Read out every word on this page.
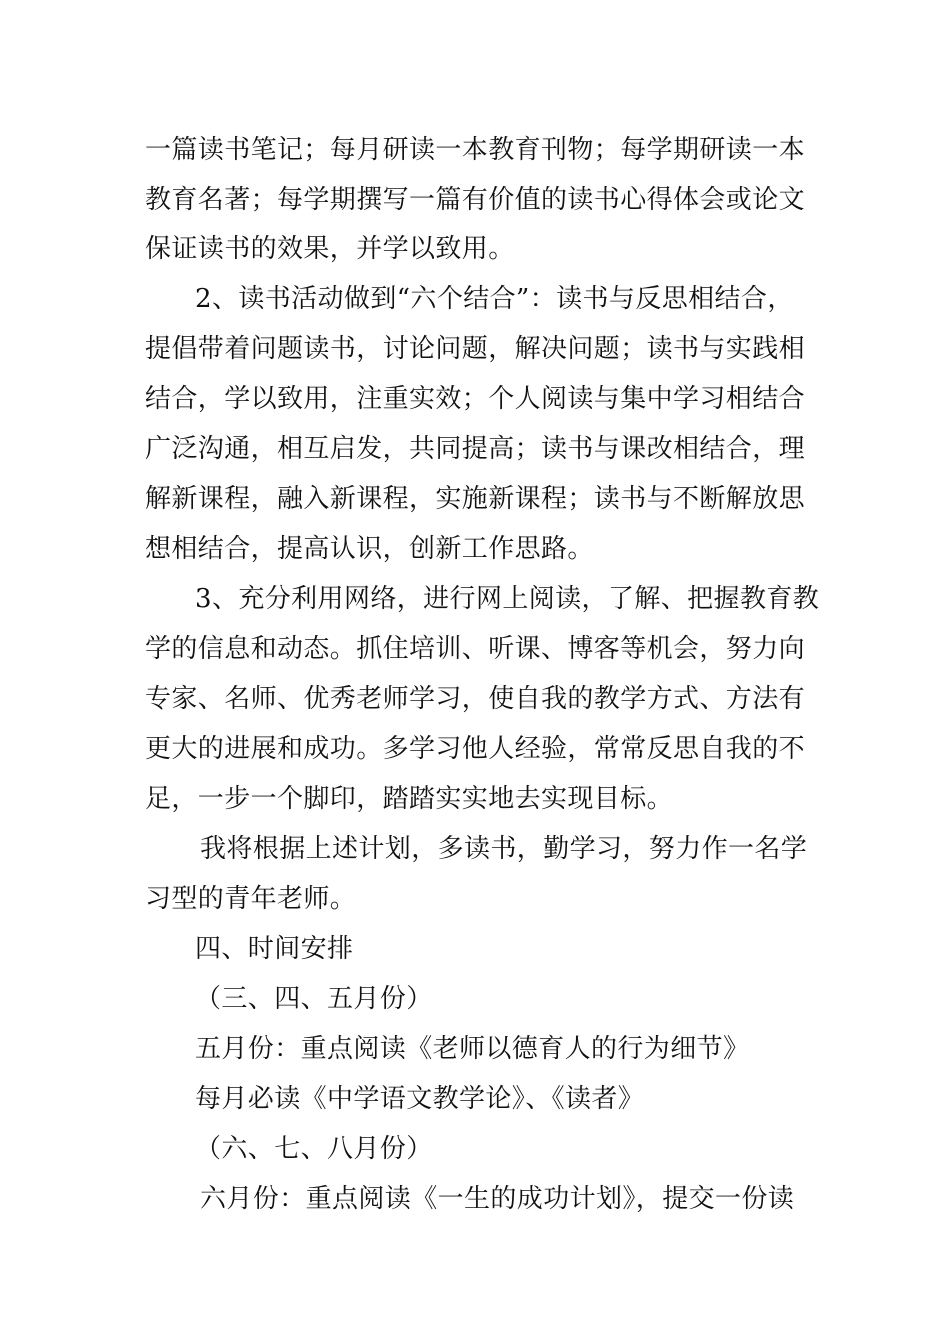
一篇读书笔记；每月研读一本教育刊物；每学期研读一本
教育名著；每学期撰写一篇有价值的读书心得体会或论文
保证读书的效果，并学以致用。
2、读书活动做到“六个结合”：读书与反思相结合，
提倡带着问题读书，讨论问题，解决问题；读书与实践相
结合，学以致用，注重实效；个人阅读与集中学习相结合
广泛沟通，相互启发，共同提高；读书与课改相结合，理
解新课程，融入新课程，实施新课程；读书与不断解放思
想相结合，提高认识，创新工作思路。
3、充分利用网络，进行网上阅读，了解、把握教育教
学的信息和动态。抓住培训、听课、博客等机会，努力向
专家、名师、优秀老师学习，使自我的教学方式、方法有
更大的进展和成功。多学习他人经验，常常反思自我的不
足，一步一个脚印，踏踏实实地去实现目标。
我将根据上述计划，多读书，勤学习，努力作一名学
习型的青年老师。
四、时间安排
（三、四、五月份）
五月份：重点阅读《老师以德育人的行为细节》
每月必读《中学语文教学论》、《读者》
（六、七、八月份）
六月份：重点阅读《一生的成功计划》，提交一份读
